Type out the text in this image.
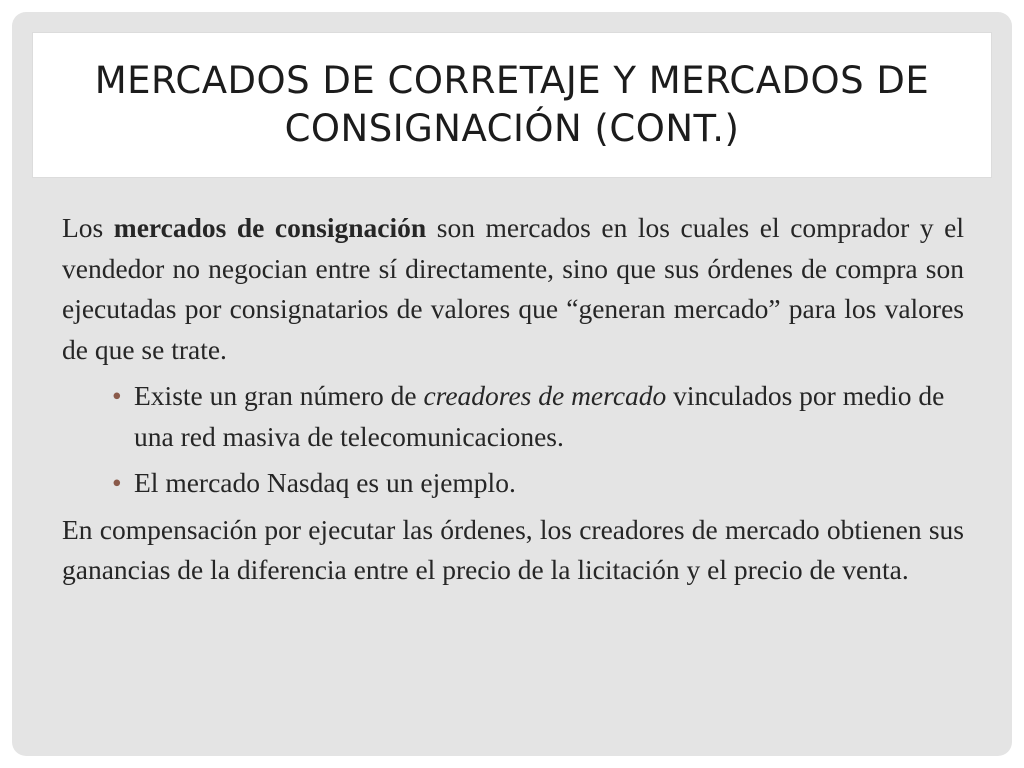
MERCADOS DE CORRETAJE Y MERCADOS DE
CONSIGNACIÓN (CONT.)

Los mercados de consignación son mercados en los cuales el comprador y el vendedor no negocian entre sí directamente, sino que sus órdenes de compra son ejecutadas por consignatarios de valores que “generan mercado” para los valores de que se trate.

• Existe un gran número de creadores de mercado vinculados por medio de una red masiva de telecomunicaciones.
• El mercado Nasdaq es un ejemplo.

En compensación por ejecutar las órdenes, los creadores de mercado obtienen sus ganancias de la diferencia entre el precio de la licitación y el precio de venta.
